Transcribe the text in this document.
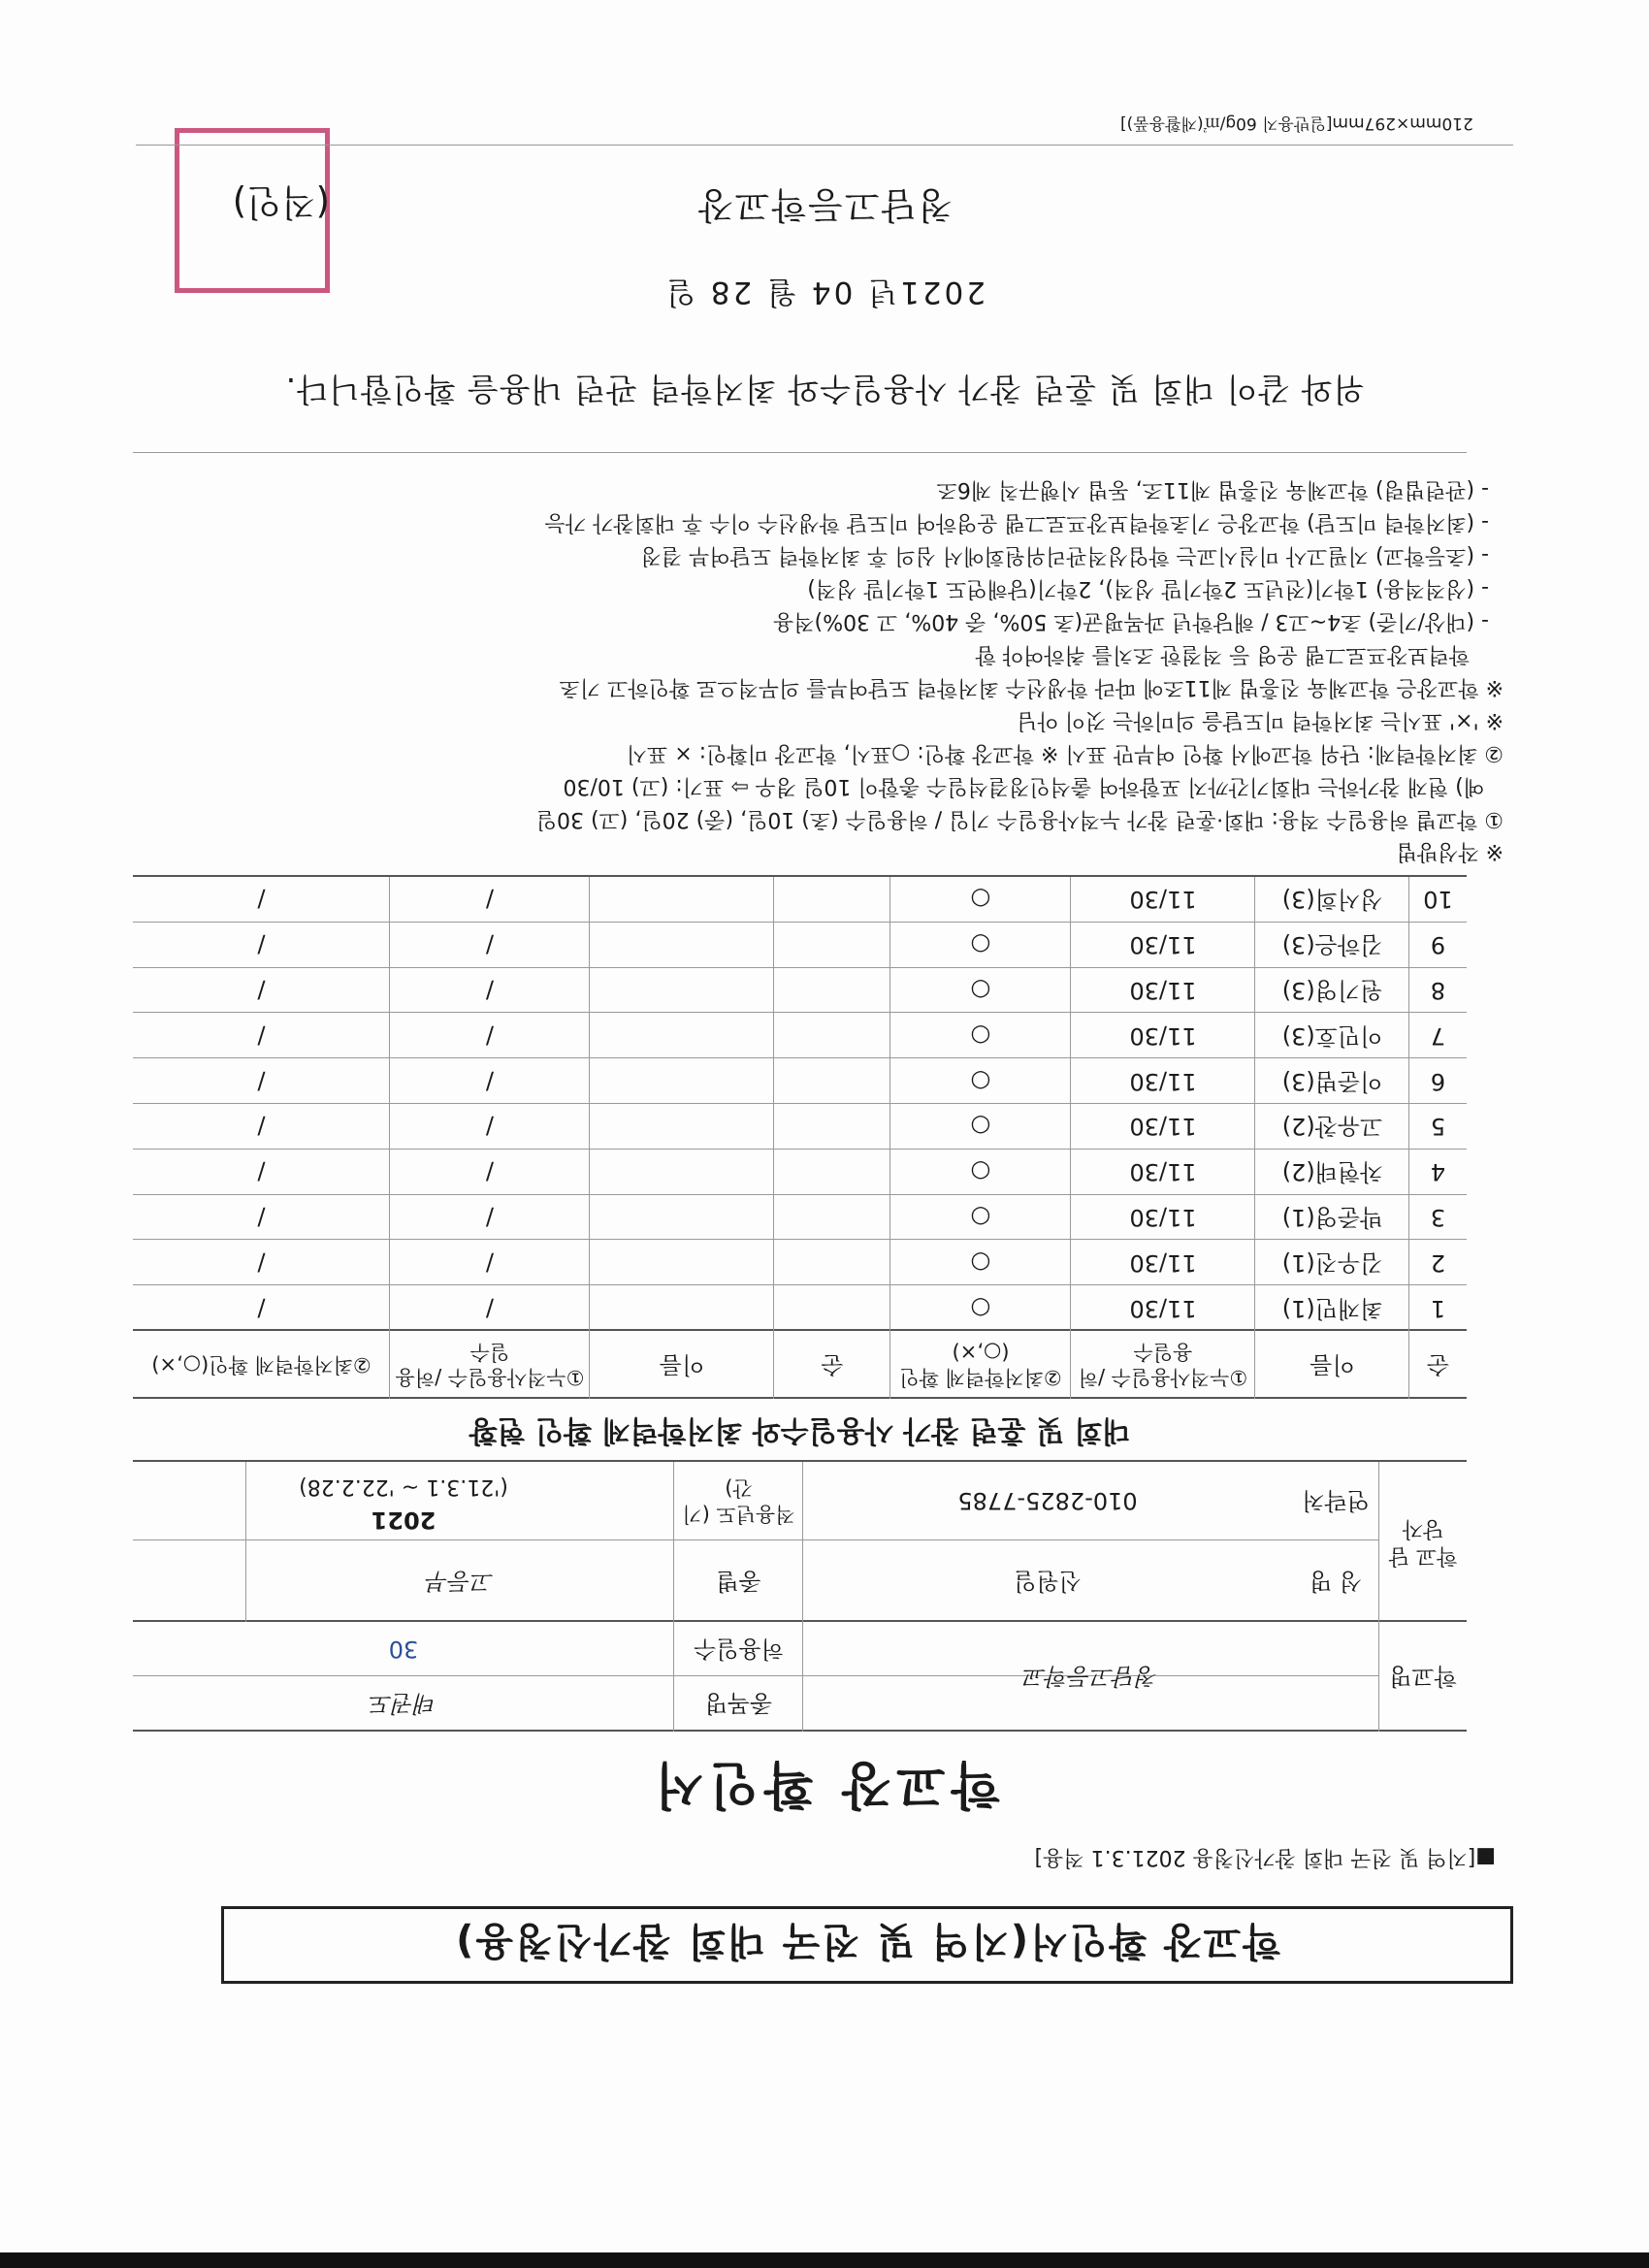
학교장 확인서(지역 및 전국 대회 참가신청용)
■[지역 및 전국 대회 참가신청용 2021.3.1 적용]
학교장 확인서
학교명
청담고등학교
종목명
태권도
허용일수
30
학교 담당자
성 명
신원일
종별
고등부
연락처
010-2825-7785
적용년도 (기간)
2021
('21.3.1 ~ '22.2.28)
대회 및 훈련 참가 사용일수와 최저학력제 확인 현황
순
이름
①누적사용일수 /허용일수
②최저학력제 확인(○,×)
순
이름
①누적사용일수 /허용일수
②최저학력제 확인(○,×)
1
최재민(1)
11/30
○
/
/
2
김우진(1)
11/30
○
/
/
3
박준영(1)
11/30
○
/
/
4
차현태(2)
11/30
○
/
/
5
고유찬(2)
11/30
○
/
/
6
이준범(3)
11/30
○
/
/
7
이민호(3)
11/30
○
/
/
8
원기영(3)
11/30
○
/
/
9
김하은(3)
11/30
○
/
/
10
성서희(3)
11/30
○
/
/
※ 작성방법
① 학교별 허용일수 적용: 대회·훈련 참가 누적사용일수 기입 / 허용일수 (초) 10일, (중) 20일, (고) 30일
예) 현재 참가하는 대회기간까지 포함하여 출석인정결석일수 총합이 10일 경우 ⇨ 표기: (고) 10/30
② 최저학력제: 단위 학교에서 확인 여부만 표시 ※ 학교장 확인: ○표시, 학교장 미확인: × 표시
※ '×' 표시는 최저학력 미도달을 의미하는 것이 아님
※ 학교장은 학교체육 진흥법 제11조에 따라 학생선수 최저학력 도달여부를 의무적으로 확인하고 기초
학력보장프로그램 운영 등 적절한 조치를 취하여야 함
- (대상/기준) 초4~고3 / 해당학년 과목평균(초 50%, 중 40%, 고 30%)적용
- (성적적용) 1학기(전년도 2학기말 성적), 2학기(당해연도 1학기말 성적)
- (초등학교) 지필고사 미실시교는 학업성적관리위원회에서 심의 후 최저학력 도달여부 결정
- (최저학력 미도달) 학교장은 기초학력보장프로그램 운영하여 미도달 학생선수 이수 후 대회참가 가능
- (관련법령) 학교체육 진흥법 제11조, 동법 시행규칙 제6조
위와 같이 대회 및 훈련 참가 사용일수와 최저학력 관련 내용을 확인합니다.
2021년 04 월 28 일
청담고등학교장
(직인)
210mm×297mm[일반용지 60g/㎡(재활용품)]
